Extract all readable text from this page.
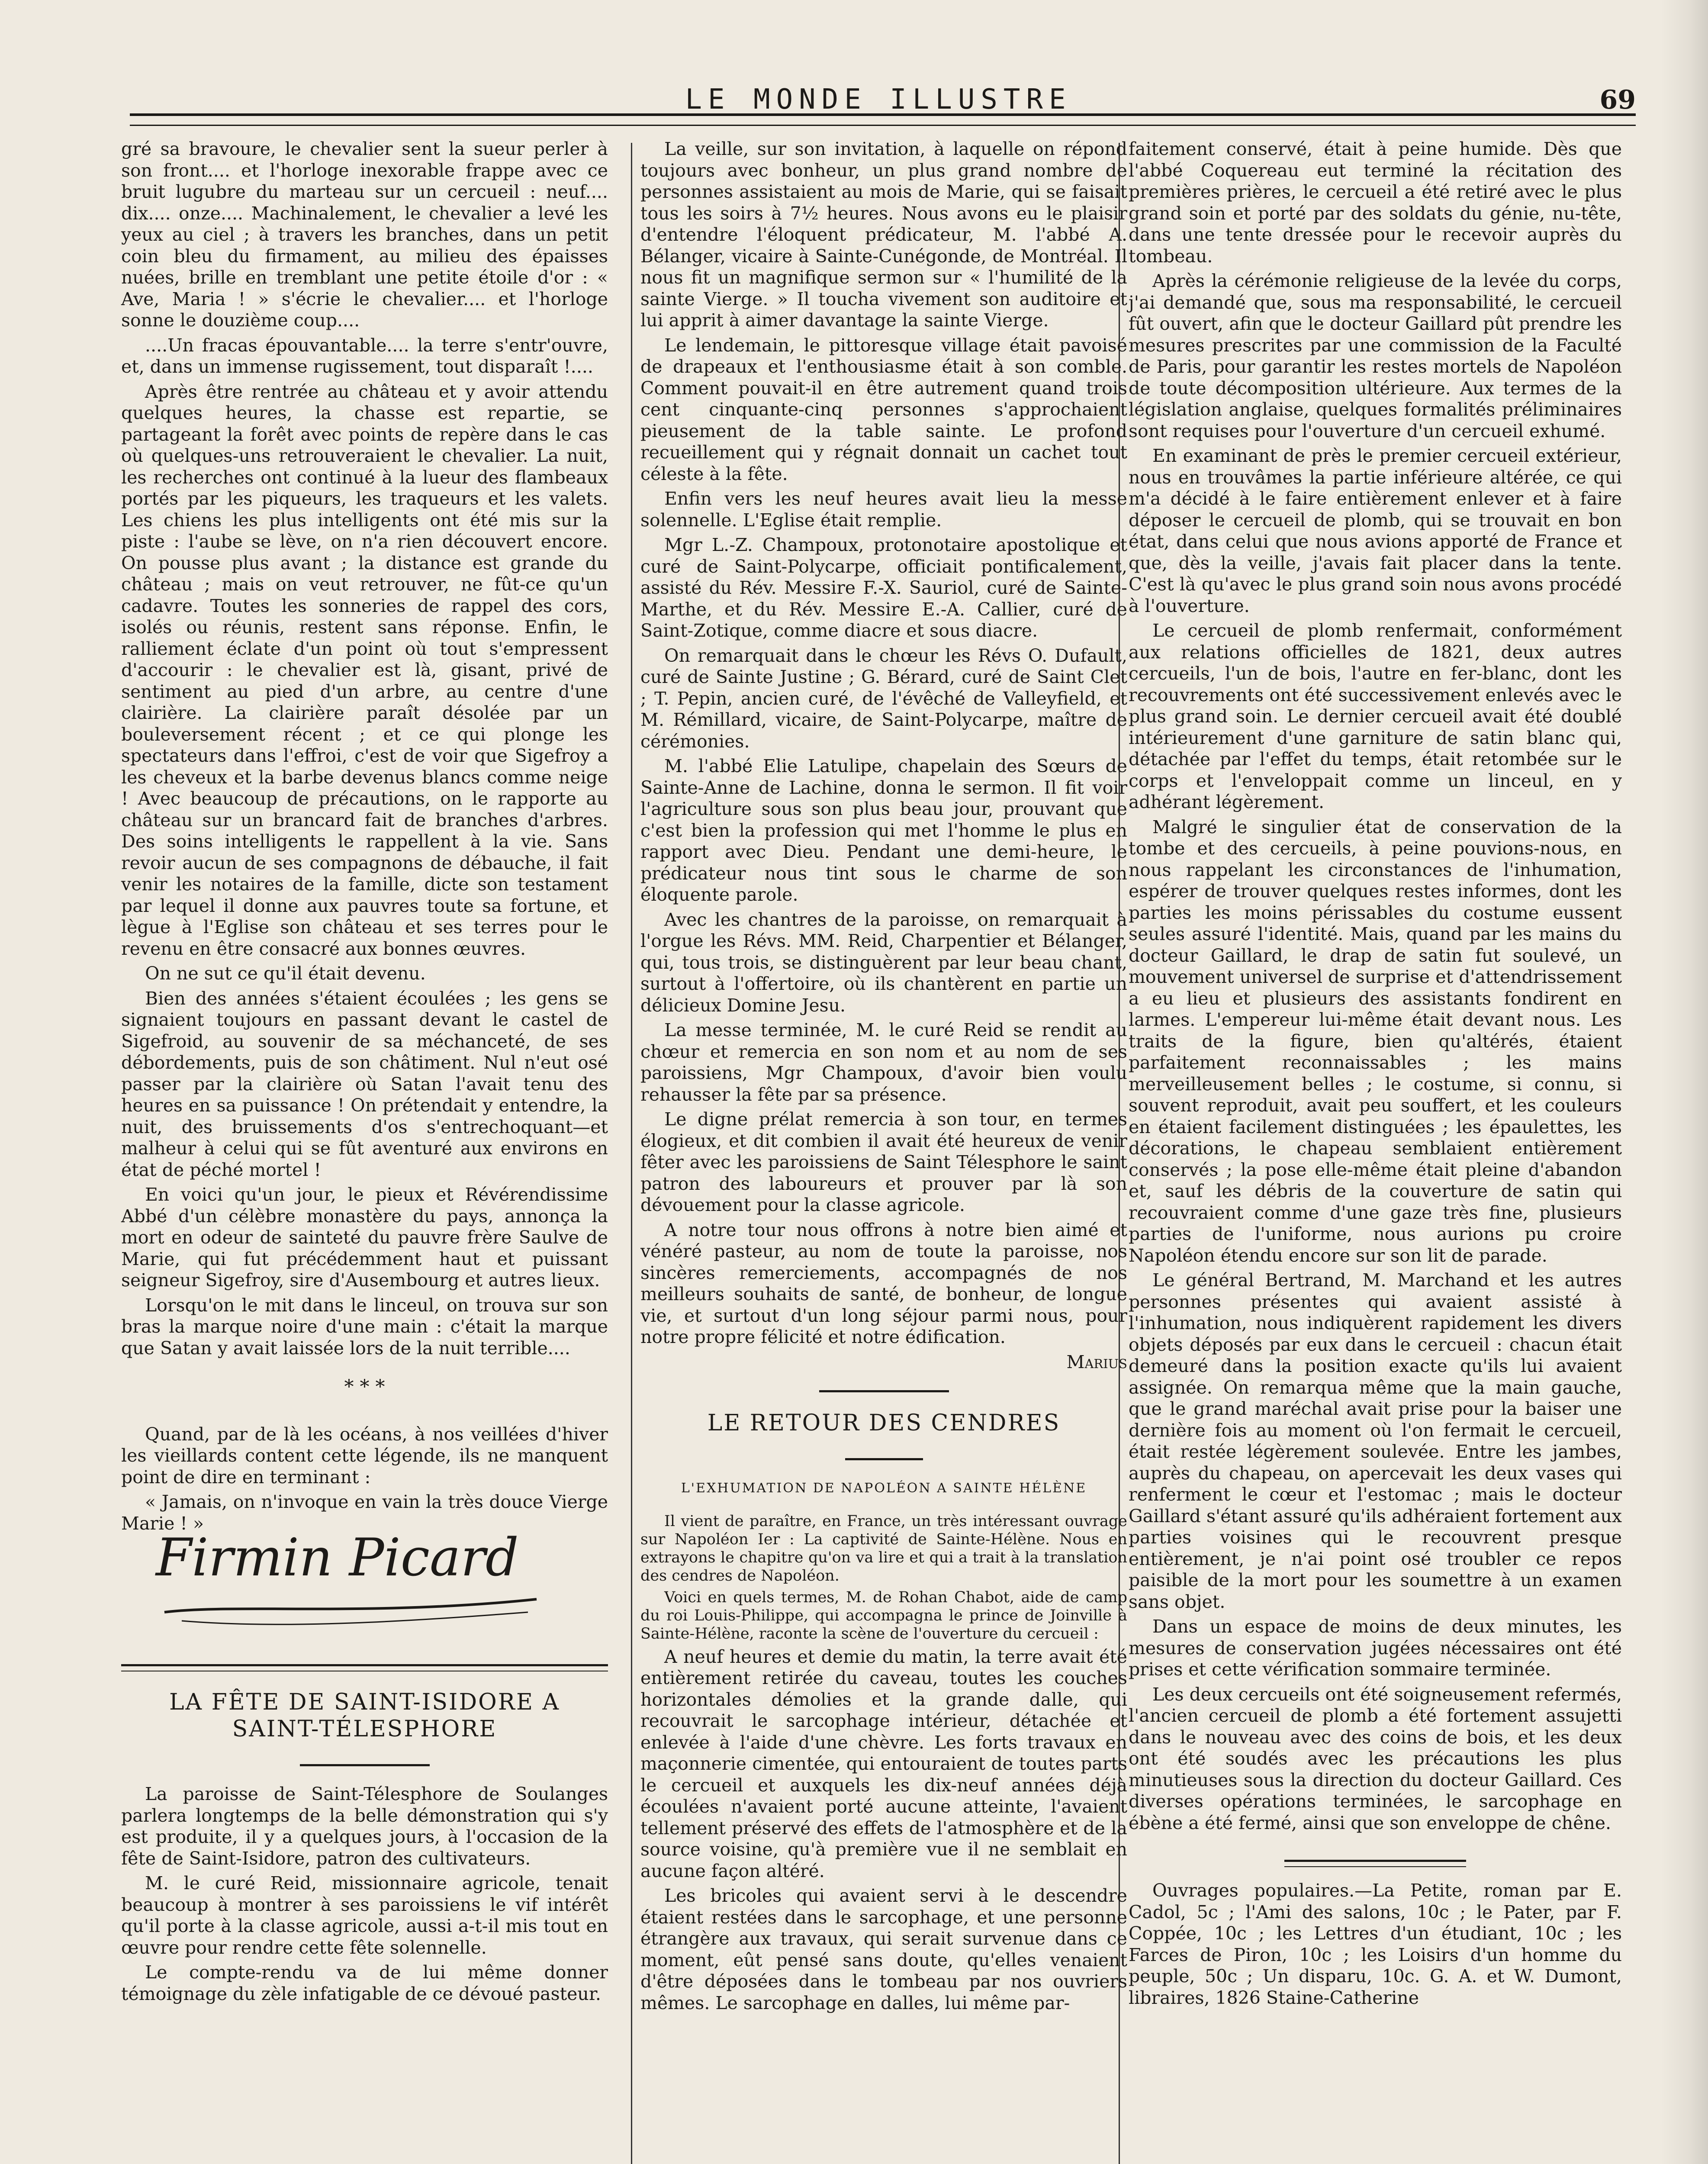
LE MONDE ILLUSTRE	69

gré sa bravoure, le chevalier sent la sueur perler à son front.... et l'horloge inexorable frappe avec ce bruit lugubre du marteau sur un cercueil : neuf.... dix.... onze.... Machinalement, le chevalier a levé les yeux au ciel ; à travers les branches, dans un petit coin bleu du firmament, au milieu des épaisses nuées, brille en tremblant une petite étoile d'or : « Ave, Maria ! » s'écrie le chevalier.... et l'horloge sonne le douzième coup....

....Un fracas épouvantable.... la terre s'entr'ouvre, et, dans un immense rugissement, tout disparaît !....

Après être rentrée au château et y avoir attendu quelques heures, la chasse est repartie, se partageant la forêt avec points de repère dans le cas où quelques-uns retrouveraient le chevalier. La nuit, les recherches ont continué à la lueur des flambeaux portés par les piqueurs, les traqueurs et les valets. Les chiens les plus intelligents ont été mis sur la piste : l'aube se lève, on n'a rien découvert encore. On pousse plus avant ; la distance est grande du château ; mais on veut retrouver, ne fût-ce qu'un cadavre. Toutes les sonneries de rappel des cors, isolés ou réunis, restent sans réponse. Enfin, le ralliement éclate d'un point où tout s'empressent d'accourir : le chevalier est là, gisant, privé de sentiment au pied d'un arbre, au centre d'une clairière. La clairière paraît désolée par un bouleversement récent ; et ce qui plonge les spectateurs dans l'effroi, c'est de voir que Sigefroy a les cheveux et la barbe devenus blancs comme neige ! Avec beaucoup de précautions, on le rapporte au château sur un brancard fait de branches d'arbres. Des soins intelligents le rappellent à la vie. Sans revoir aucun de ses compagnons de débauche, il fait venir les notaires de la famille, dicte son testament par lequel il donne aux pauvres toute sa fortune, et lègue à l'Eglise son château et ses terres pour le revenu en être consacré aux bonnes œuvres.

On ne sut ce qu'il était devenu.

Bien des années s'étaient écoulées ; les gens se signaient toujours en passant devant le castel de Sigefroid, au souvenir de sa méchanceté, de ses débordements, puis de son châtiment. Nul n'eut osé passer par la clairière où Satan l'avait tenu des heures en sa puissance ! On prétendait y entendre, la nuit, des bruissements d'os s'entrechoquant—et malheur à celui qui se fût aventuré aux environs en état de péché mortel !

En voici qu'un jour, le pieux et Révérendissime Abbé d'un célèbre monastère du pays, annonça la mort en odeur de sainteté du pauvre frère Saulve de Marie, qui fut précédemment haut et puissant seigneur Sigefroy, sire d'Ausembourg et autres lieux.

Lorsqu'on le mit dans le linceul, on trouva sur son bras la marque noire d'une main : c'était la marque que Satan y avait laissée lors de la nuit terrible....

* * *

Quand, par de là les océans, à nos veillées d'hiver les vieillards content cette légende, ils ne manquent point de dire en terminant :

« Jamais, on n'invoque en vain la très douce Vierge Marie ! »

Firmin Picard
LA FÊTE DE SAINT-ISIDORE A SAINT-TÉLESPHORE

La paroisse de Saint-Télesphore de Soulanges parlera longtemps de la belle démonstration qui s'y est produite, il y a quelques jours, à l'occasion de la fête de Saint-Isidore, patron des cultivateurs.

M. le curé Reid, missionnaire agricole, tenait beaucoup à montrer à ses paroissiens le vif intérêt qu'il porte à la classe agricole, aussi a-t-il mis tout en œuvre pour rendre cette fête solennelle.

Le compte-rendu va de lui même donner témoignage du zèle infatigable de ce dévoué pasteur.

La veille, sur son invitation, à laquelle on répond toujours avec bonheur, un plus grand nombre de personnes assistaient au mois de Marie, qui se faisait tous les soirs à 7½ heures. Nous avons eu le plaisir d'entendre l'éloquent prédicateur, M. l'abbé A. Bélanger, vicaire à Sainte-Cunégonde, de Montréal. Il nous fit un magnifique sermon sur « l'humilité de la sainte Vierge. » Il toucha vivement son auditoire et lui apprit à aimer davantage la sainte Vierge.

Le lendemain, le pittoresque village était pavoisé de drapeaux et l'enthousiasme était à son comble. Comment pouvait-il en être autrement quand trois cent cinquante-cinq personnes s'approchaient pieusement de la table sainte. Le profond recueillement qui y régnait donnait un cachet tout céleste à la fête.

Enfin vers les neuf heures avait lieu la messe solennelle. L'Eglise était remplie.

Mgr L.-Z. Champoux, protonotaire apostolique et curé de Saint-Polycarpe, officiait pontificalement, assisté du Rév. Messire F.-X. Sauriol, curé de Sainte-Marthe, et du Rév. Messire E.-A. Callier, curé de Saint-Zotique, comme diacre et sous diacre.

On remarquait dans le chœur les Révs O. Dufault, curé de Sainte Justine ; G. Bérard, curé de Saint Clet ; T. Pepin, ancien curé, de l'évêché de Valleyfield, et M. Rémillard, vicaire, de Saint-Polycarpe, maître de cérémonies.

M. l'abbé Elie Latulipe, chapelain des Sœurs de Sainte-Anne de Lachine, donna le sermon. Il fit voir l'agriculture sous son plus beau jour, prouvant que c'est bien la profession qui met l'homme le plus en rapport avec Dieu. Pendant une demi-heure, le prédicateur nous tint sous le charme de son éloquente parole.

Avec les chantres de la paroisse, on remarquait à l'orgue les Révs. MM. Reid, Charpentier et Bélanger, qui, tous trois, se distinguèrent par leur beau chant, surtout à l'offertoire, où ils chantèrent en partie un délicieux Domine Jesu.

La messe terminée, M. le curé Reid se rendit au chœur et remercia en son nom et au nom de ses paroissiens, Mgr Champoux, d'avoir bien voulu rehausser la fête par sa présence.

Le digne prélat remercia à son tour, en termes élogieux, et dit combien il avait été heureux de venir fêter avec les paroissiens de Saint Télesphore le saint patron des laboureurs et prouver par là son dévouement pour la classe agricole.

A notre tour nous offrons à notre bien aimé et vénéré pasteur, au nom de toute la paroisse, nos sincères remerciements, accompagnés de nos meilleurs souhaits de santé, de bonheur, de longue vie, et surtout d'un long séjour parmi nous, pour notre propre félicité et notre édification.

Marius

LE RETOUR DES CENDRES
L'EXHUMATION DE NAPOLÉON A SAINTE HÉLÈNE

Il vient de paraître, en France, un très intéressant ouvrage sur Napoléon Ier : La captivité de Sainte-Hélène. Nous en extrayons le chapitre qu'on va lire et qui a trait à la translation des cendres de Napoléon.

Voici en quels termes, M. de Rohan Chabot, aide de camp du roi Louis-Philippe, qui accompagna le prince de Joinville à Sainte-Hélène, raconte la scène de l'ouverture du cercueil :

A neuf heures et demie du matin, la terre avait été entièrement retirée du caveau, toutes les couches horizontales démolies et la grande dalle, qui recouvrait le sarcophage intérieur, détachée et enlevée à l'aide d'une chèvre. Les forts travaux en maçonnerie cimentée, qui entouraient de toutes parts le cercueil et auxquels les dix-neuf années déjà écoulées n'avaient porté aucune atteinte, l'avaient tellement préservé des effets de l'atmosphère et de la source voisine, qu'à première vue il ne semblait en aucune façon altéré.

Les bricoles qui avaient servi à le descendre étaient restées dans le sarcophage, et une personne étrangère aux travaux, qui serait survenue dans ce moment, eût pensé sans doute, qu'elles venaient d'être déposées dans le tombeau par nos ouvriers mêmes. Le sarcophage en dalles, lui même par-

faitement conservé, était à peine humide. Dès que l'abbé Coquereau eut terminé la récitation des premières prières, le cercueil a été retiré avec le plus grand soin et porté par des soldats du génie, nu-tête, dans une tente dressée pour le recevoir auprès du tombeau.

Après la cérémonie religieuse de la levée du corps, j'ai demandé que, sous ma responsabilité, le cercueil fût ouvert, afin que le docteur Gaillard pût prendre les mesures prescrites par une commission de la Faculté de Paris, pour garantir les restes mortels de Napoléon de toute décomposition ultérieure. Aux termes de la législation anglaise, quelques formalités préliminaires sont requises pour l'ouverture d'un cercueil exhumé.

En examinant de près le premier cercueil extérieur, nous en trouvâmes la partie inférieure altérée, ce qui m'a décidé à le faire entièrement enlever et à faire déposer le cercueil de plomb, qui se trouvait en bon état, dans celui que nous avions apporté de France et que, dès la veille, j'avais fait placer dans la tente. C'est là qu'avec le plus grand soin nous avons procédé à l'ouverture.

Le cercueil de plomb renfermait, conformément aux relations officielles de 1821, deux autres cercueils, l'un de bois, l'autre en fer-blanc, dont les recouvrements ont été successivement enlevés avec le plus grand soin. Le dernier cercueil avait été doublé intérieurement d'une garniture de satin blanc qui, détachée par l'effet du temps, était retombée sur le corps et l'enveloppait comme un linceul, en y adhérant légèrement.

Malgré le singulier état de conservation de la tombe et des cercueils, à peine pouvions-nous, en nous rappelant les circonstances de l'inhumation, espérer de trouver quelques restes informes, dont les parties les moins périssables du costume eussent seules assuré l'identité. Mais, quand par les mains du docteur Gaillard, le drap de satin fut soulevé, un mouvement universel de surprise et d'attendrissement a eu lieu et plusieurs des assistants fondirent en larmes. L'empereur lui-même était devant nous. Les traits de la figure, bien qu'altérés, étaient parfaitement reconnaissables ; les mains merveilleusement belles ; le costume, si connu, si souvent reproduit, avait peu souffert, et les couleurs en étaient facilement distinguées ; les épaulettes, les décorations, le chapeau semblaient entièrement conservés ; la pose elle-même était pleine d'abandon et, sauf les débris de la couverture de satin qui recouvraient comme d'une gaze très fine, plusieurs parties de l'uniforme, nous aurions pu croire Napoléon étendu encore sur son lit de parade.

Le général Bertrand, M. Marchand et les autres personnes présentes qui avaient assisté à l'inhumation, nous indiquèrent rapidement les divers objets déposés par eux dans le cercueil : chacun était demeuré dans la position exacte qu'ils lui avaient assignée. On remarqua même que la main gauche, que le grand maréchal avait prise pour la baiser une dernière fois au moment où l'on fermait le cercueil, était restée légèrement soulevée. Entre les jambes, auprès du chapeau, on apercevait les deux vases qui renferment le cœur et l'estomac ; mais le docteur Gaillard s'étant assuré qu'ils adhéraient fortement aux parties voisines qui le recouvrent presque entièrement, je n'ai point osé troubler ce repos paisible de la mort pour les soumettre à un examen sans objet.

Dans un espace de moins de deux minutes, les mesures de conservation jugées nécessaires ont été prises et cette vérification sommaire terminée.

Les deux cercueils ont été soigneusement refermés, l'ancien cercueil de plomb a été fortement assujetti dans le nouveau avec des coins de bois, et les deux ont été soudés avec les précautions les plus minutieuses sous la direction du docteur Gaillard. Ces diverses opérations terminées, le sarcophage en ébène a été fermé, ainsi que son enveloppe de chêne.

Ouvrages populaires.—La Petite, roman par E. Cadol, 5c ; l'Ami des salons, 10c ; le Pater, par F. Coppée, 10c ; les Lettres d'un étudiant, 10c ; les Farces de Piron, 10c ; les Loisirs d'un homme du peuple, 50c ; Un disparu, 10c. G. A. et W. Dumont, libraires, 1826 Staine-Catherine
